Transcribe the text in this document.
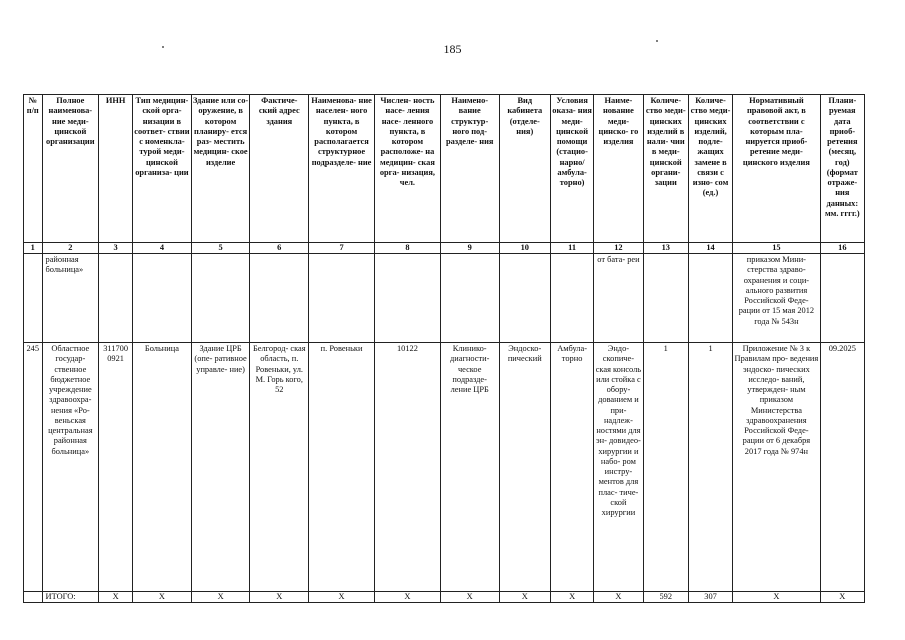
185
№ п/п	Полное наименова- ние меди- цинской организации	ИНН	Тип медицин- ской орга- низации в соответ- ствии с номенкла- турой меди- цинской организа- ции	Здание или со- оружение, в котором планиру- ется раз- местить медицин- ское изделие	Фактиче- ский адрес здания	Наименова- ние населен- ного пункта, в котором располагается структурное подразделе- ние	Числен- ность насе- ления насе- ленного пункта, в котором расположе- на медицин- ская орга- низация, чел.	Наимено- вание структур- ного под- разделе- ния	Вид кабинета (отделе- ния)	Условия оказа- ния меди- цинской помощи (стацио- нарно/ амбула- торно)	Наиме- нование меди- цинско- го изделия	Количе- ство меди- цинских изделий в нали- чии в меди- цинской органи- зации	Количе- ство меди- цинских изделий, подле- жащих замене в связи с изно- сом (ед.)	Нормативный правовой акт, в соответствии с которым пла- нируется приоб- ретение меди- цинского изделия	Плани- руемая дата приоб- ретения (месяц, год) (формат отраже- ния данных: мм. гггг.)
1	2	3	4	5	6	7	8	9	10	11	12	13	14	15	16
	районная больница»										от бата- реи			приказом Мини- стерства здраво- охранения и соци- ального развития Российской Феде- рации от 15 мая 2012 года № 543н	
245	Областное государ- ственное бюджетное учреждение здравоохра- нения «Ро- веньская центральная районная больница»	311700 0921	Больница	Здание ЦРБ (опе- ративное управле- ние)	Белгород- ская область, п. Ровеньки, ул. М. Горь кого, 52	п. Ровеньки	10122	Клинико- диагности- ческое подразде- ление ЦРБ	Эндоско- пический	Амбула- торно	Эндо- скопиче- ская консоль или стойка с обору- дованием и при- надлеж- ностями для эн- довидео- хирургии и набо- ром инстру- ментов для плас- тиче- ской хирургии	1	1	Приложение № 3 к Правилам про- ведения эндоско- пических исследо- ваний, утвержден- ным приказом Министерства здравоохранения Российской Феде- рации от 6 декабря 2017 года № 974н	09.2025
	ИТОГО:	Х	Х	Х	Х	Х	Х	Х	Х	Х	Х	592	307	Х	Х
